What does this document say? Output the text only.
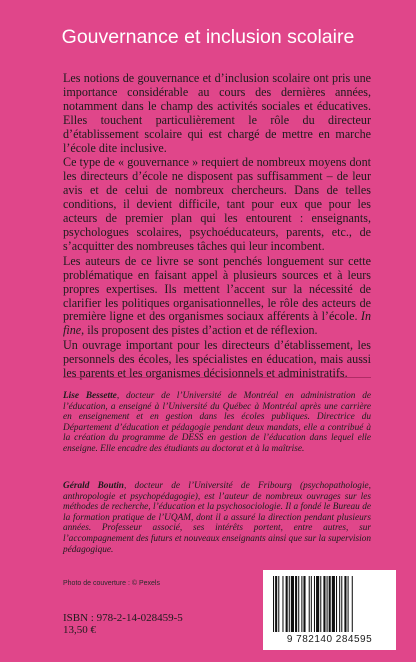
Gouvernance et inclusion scolaire

Les notions de gouvernance et d’inclusion scolaire ont pris une importance considérable au cours des dernières années, notamment dans le champ des activités sociales et éducatives. Elles touchent particulièrement le rôle du directeur d’établissement scolaire qui est chargé de mettre en marche l’école dite inclusive.

Ce type de « gouvernance » requiert de nombreux moyens dont les directeurs d’école ne disposent pas suffisamment – de leur avis et de celui de nombreux chercheurs. Dans de telles conditions, il devient difficile, tant pour eux que pour les acteurs de premier plan qui les entourent : enseignants, psychologues scolaires, psychoéducateurs, parents, etc., de s’acquitter des nombreuses tâches qui leur incombent.

Les auteurs de ce livre se sont penchés longuement sur cette problématique en faisant appel à plusieurs sources et à leurs propres expertises. Ils mettent l’accent sur la nécessité de clarifier les politiques organisationnelles, le rôle des acteurs de première ligne et des organismes sociaux afférents à l’école. In fine, ils proposent des pistes d’action et de réflexion.

Un ouvrage important pour les directeurs d’établissement, les personnels des écoles, les spécialistes en éducation, mais aussi les parents et les organismes décisionnels et administratifs.

Lise Bessette, docteur de l’Université de Montréal en administration de l’éducation, a enseigné à l’Université du Québec à Montréal après une carrière en enseignement et en gestion dans les écoles publiques. Directrice du Département d’éducation et pédagogie pendant deux mandats, elle a contribué à la création du programme de DESS en gestion de l’éducation dans lequel elle enseigne. Elle encadre des étudiants au doctorat et à la maîtrise.
Gérald Boutin, docteur de l’Université de Fribourg (psychopathologie, anthropologie et psychopédagogie), est l’auteur de nombreux ouvrages sur les méthodes de recherche, l’éducation et la psychosociologie. Il a fondé le Bureau de la formation pratique de l’UQAM, dont il a assuré la direction pendant plusieurs années. Professeur associé, ses intérêts portent, entre autres, sur l’accompagnement des futurs et nouveaux enseignants ainsi que sur la supervision pédagogique.
Photo de couverture : © Pexels
ISBN : 978-2-14-028459-5
13,50 €
9 782140 284595
